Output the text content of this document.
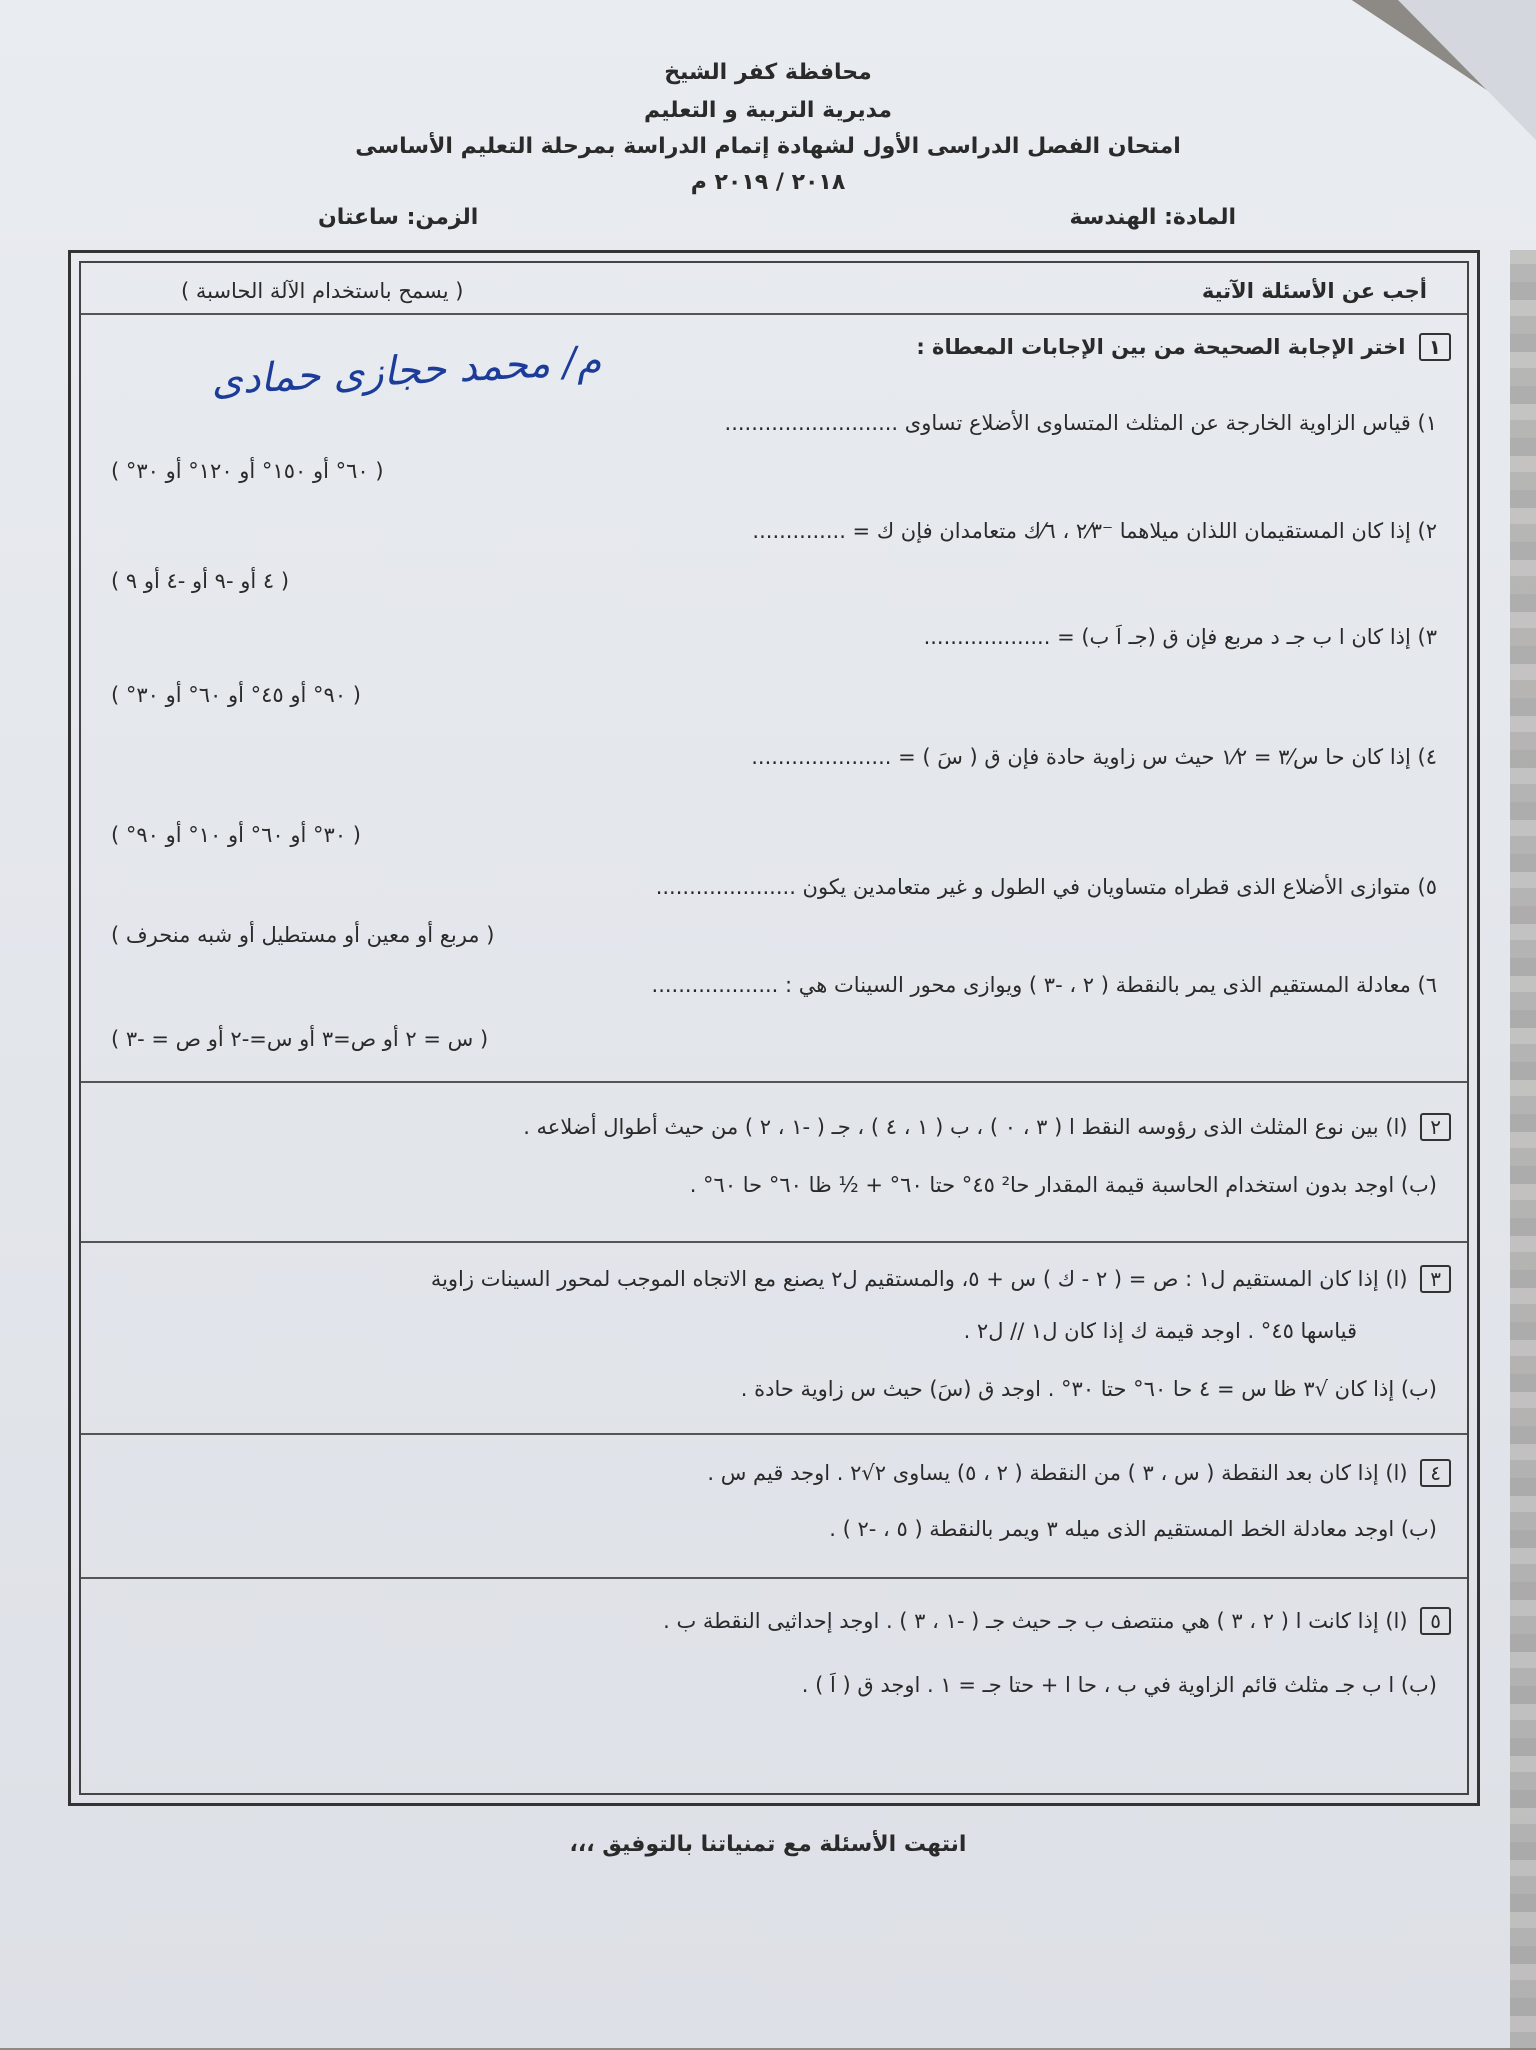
محافظة كفر الشيخ
مديرية التربية و التعليم
امتحان الفصل الدراسى الأول لشهادة إتمام الدراسة بمرحلة التعليم الأساسى
٢٠١٨ / ٢٠١٩ م
المادة: الهندسة
الزمن: ساعتان
أجب عن الأسئلة الآتية
( يسمح باستخدام الآلة الحاسبة )
١ اختر الإجابة الصحيحة من بين الإجابات المعطاة :
م/ محمد حجازى حمادى
١) قياس الزاوية الخارجة عن المثلث المتساوى الأضلاع تساوى ..........................
( ٦٠° أو ١٥٠° أو ١٢٠° أو ٣٠° )
٢) إذا كان المستقيمان اللذان ميلاهما ⁻٢⁄٣ ، ٦⁄ك متعامدان فإن ك = ..............
( ٤ أو -٩ أو -٤ أو ٩ )
٣) إذا كان ا ب جـ د مربع فإن ق (جـ اَ ب) = ...................
( ٩٠° أو ٤٥° أو ٦٠° أو ٣٠° )
٤) إذا كان حا س⁄٣ = ١⁄٢ حيث س زاوية حادة فإن ق ( سَ ) = .....................
( ٣٠° أو ٦٠° أو ١٠° أو ٩٠° )
٥) متوازى الأضلاع الذى قطراه متساويان في الطول و غير متعامدين يكون .....................
( مربع أو معين أو مستطيل أو شبه منحرف )
٦) معادلة المستقيم الذى يمر بالنقطة ( ٢ ، -٣ ) ويوازى محور السينات هي : ...................
( س = ٢ أو ص=٣ أو س=-٢ أو ص = -٣ )
٢ (ا) بين نوع المثلث الذى رؤوسه النقط ا ( ٣ ، ٠ ) ، ب ( ١ ، ٤ ) ، جـ ( -١ ، ٢ ) من حيث أطوال أضلاعه .
(ب) اوجد بدون استخدام الحاسبة قيمة المقدار حا² ٤٥° حتا ٦٠° + ½ ظا ٦٠° حا ٦٠° .
٣ (ا) إذا كان المستقيم ل١ : ص = ( ٢ - ك ) س + ٥، والمستقيم ل٢ يصنع مع الاتجاه الموجب لمحور السينات زاوية
قياسها ٤٥° . اوجد قيمة ك إذا كان ل١ // ل٢ .
(ب) إذا كان √٣ ظا س = ٤ حا ٦٠° حتا ٣٠° . اوجد ق (سَ) حيث س زاوية حادة .
٤ (ا) إذا كان بعد النقطة ( س ، ٣ ) من النقطة ( ٢ ، ٥) يساوى ٢√٢ . اوجد قيم س .
(ب) اوجد معادلة الخط المستقيم الذى ميله ٣ ويمر بالنقطة ( ٥ ، -٢ ) .
٥ (ا) إذا كانت ا ( ٢ ، ٣ ) هي منتصف ب جـ حيث جـ ( -١ ، ٣ ) . اوجد إحداثيى النقطة ب .
(ب) ا ب جـ مثلث قائم الزاوية في ب ، حا ا + حتا جـ = ١ . اوجد ق ( اَ ) .
انتهت الأسئلة مع تمنياتنا بالتوفيق ،،،
